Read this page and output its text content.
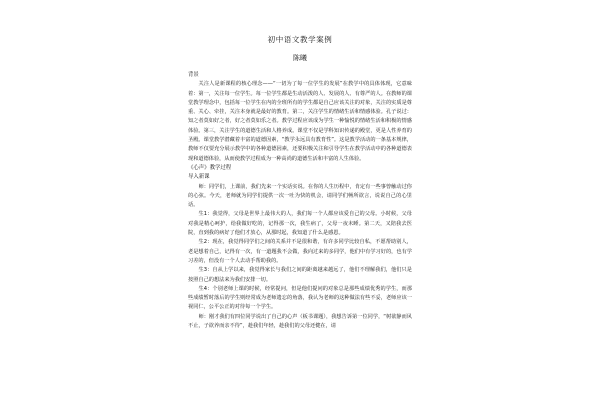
初中语文教学案例

陈曦

背景

关注人是新课程的核心理念——“一切为了每一位学生的发展”在教学中的具体体现，它意味着：第一，关注每一位学生。每一位学生都是生动活泼的人、发展的人、有尊严的人。在教师的课堂教学理念中，包括每一位学生在内的全班所有的学生都是自己应该关注的对象，关注的实质是尊重、关心、牵挂，关注本身就是最好的教育。第二，关注学生的情绪生活和情感体验。孔子说过：知之者莫如好之者，好之者莫如乐之者。教学过程应该成为学生一种愉悦的情绪生活和积极的情感体验。第三，关注学生的道德生活和人格养成。课堂不仅是学科知识传递的殿堂，更是人性养育的圣殿。课堂教学潜藏着丰富的道德因素，“教学永远具有教育性”。这是教学活动的一条基本规律，教师不仅要充分展示教学中的各种道德因素，还要积极关注和引导学生在教学活动中的各种道德表现和道德体验，从而使教学过程成为一种高尚的道德生活和丰富的人生体验。

《心声》教学过程

导入新课

师：同学们，上课前，我们先来一个实话实说。在你的人生历程中，肯定有一些事曾触动过你的心弦。今天，老师就为同学们提供一次一吐为快的机会，请同学们畅所欲言，说说自己的心里话。

生1：我觉得，父母是世界上最伟大的人，我们每一个人都应该爱自己的父母。小时候，父母对我是精心呵护，给我做好吃的，记得那一次，我生病了，父母一夜未睡。第二天，又陪我去医院，直到我的病好了他们才放心，从那时起，我知道了什么是感恩。

生2：现在，我觉得同学们之间的关系并不是很和谐，有许多同学比较自私，不愿帮助别人，老是想着自己，记得有一次，有一道题我不会做，我向过来的多同学，他们中有学习好的，也有学习差的，但没有一个人去动手帮助我的。

生3：自从上学以来，我觉得家长与我们之间的距离越来越远了，他们不理解我们，他们只是按照自己的想法来为我们安排一切。

生4：个别老师上课的时候，经常提问，但是他们提问的对象总是那些成绩优秀的学生，而那些成绩暂时落后的学生则经常成为老师遗忘的角落，我认为老师的这种做法有些不妥，老师应该一视同仁，公平公正的对待每一个学生。

师：刚才我们有四位同学说出了自己的心声（板书课题），我想告诉第一位同学，“树欲静而风不止，子欲养而亲不待”，趁我们年轻，趁我们的父母还健在，请
